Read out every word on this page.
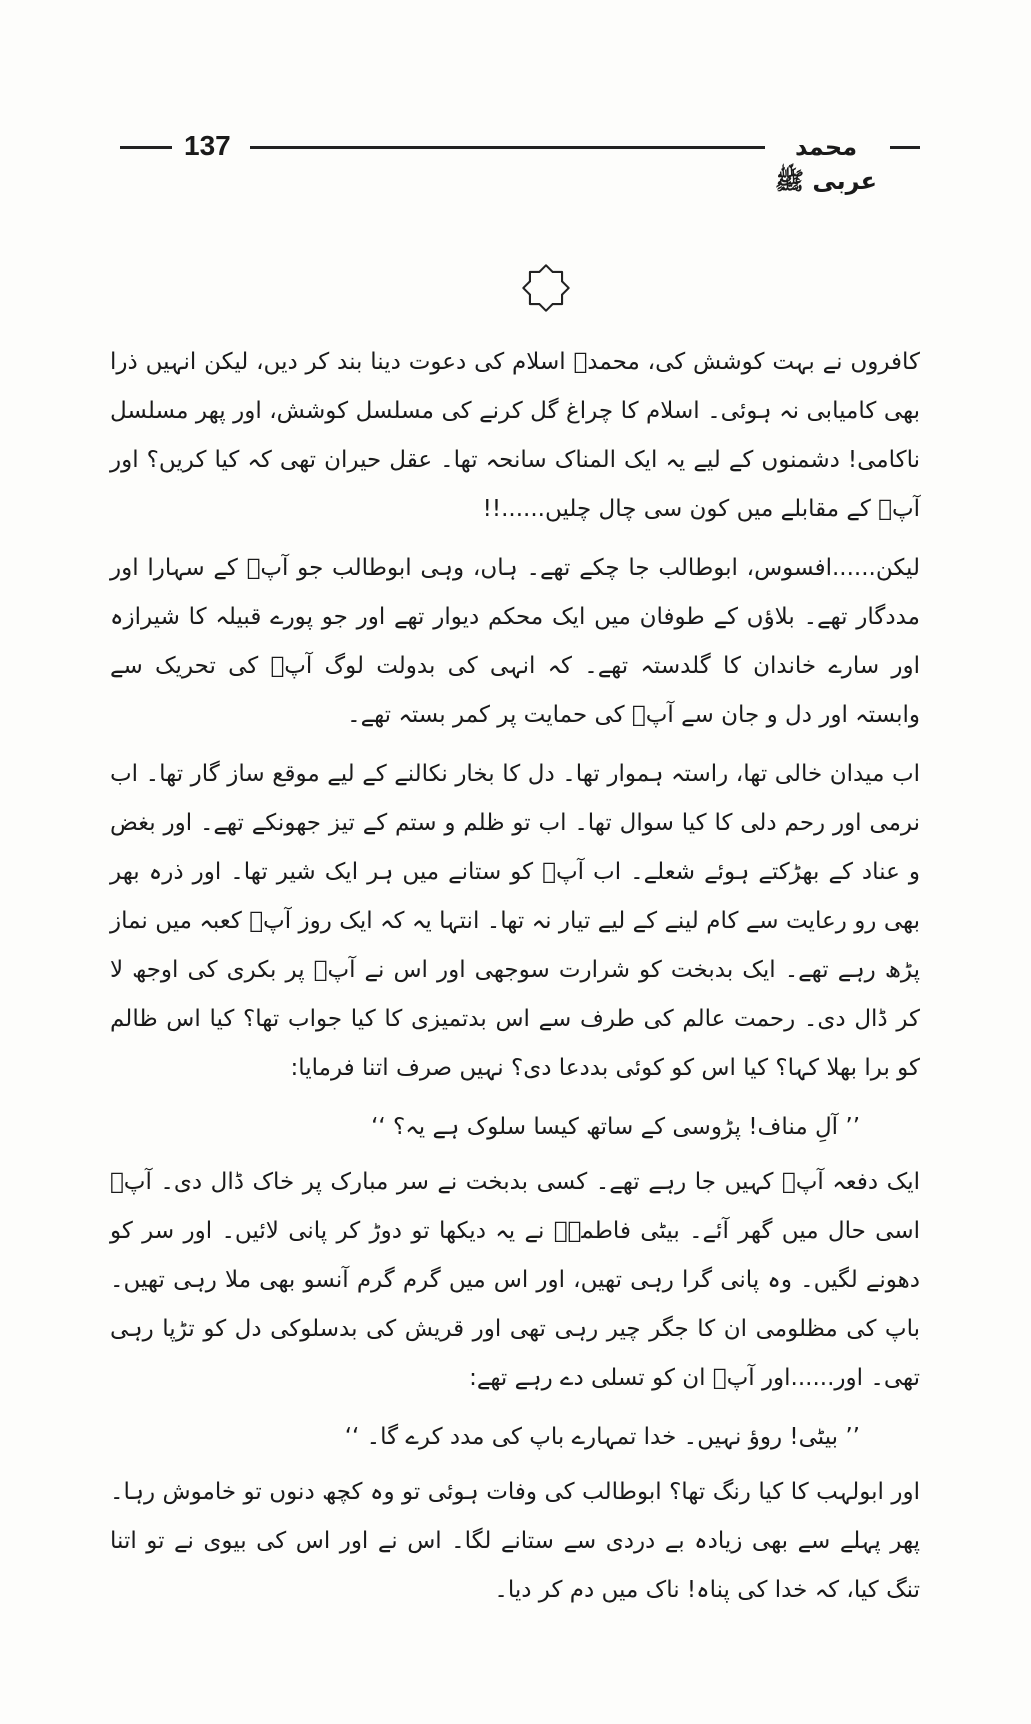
137	محمد عربی ﷺ

کافروں نے بہت کوشش کی، محمدؐ اسلام کی دعوت دینا بند کر دیں، لیکن انہیں ذرا بھی کامیابی نہ ہوئی۔ اسلام کا چراغ گل کرنے کی مسلسل کوشش، اور پھر مسلسل ناکامی! دشمنوں کے لیے یہ ایک المناک سانحہ تھا۔ عقل حیران تھی کہ کیا کریں؟ اور آپؐ کے مقابلے میں کون سی چال چلیں......!!

لیکن......افسوس، ابوطالب جا چکے تھے۔ ہاں، وہی ابوطالب جو آپؐ کے سہارا اور مددگار تھے۔ بلاؤں کے طوفان میں ایک محکم دیوار تھے اور جو پورے قبیلہ کا شیرازہ اور سارے خاندان کا گلدستہ تھے۔ کہ انہی کی بدولت لوگ آپؐ کی تحریک سے وابستہ اور دل و جان سے آپؐ کی حمایت پر کمر بستہ تھے۔

اب میدان خالی تھا، راستہ ہموار تھا۔ دل کا بخار نکالنے کے لیے موقع ساز گار تھا۔ اب نرمی اور رحم دلی کا کیا سوال تھا۔ اب تو ظلم و ستم کے تیز جھونکے تھے۔ اور بغض و عناد کے بھڑکتے ہوئے شعلے۔ اب آپؐ کو ستانے میں ہر ایک شیر تھا۔ اور ذرہ بھر بھی رو رعایت سے کام لینے کے لیے تیار نہ تھا۔ انتہا یہ کہ ایک روز آپؐ کعبہ میں نماز پڑھ رہے تھے۔ ایک بدبخت کو شرارت سوجھی اور اس نے آپؐ پر بکری کی اوجھ لا کر ڈال دی۔ رحمت عالم کی طرف سے اس بدتمیزی کا کیا جواب تھا؟ کیا اس ظالم کو برا بھلا کہا؟ کیا اس کو کوئی بددعا دی؟ نہیں صرف اتنا فرمایا:

’’ آلِ مناف! پڑوسی کے ساتھ کیسا سلوک ہے یہ؟ ‘‘

ایک دفعہ آپؐ کہیں جا رہے تھے۔ کسی بدبخت نے سر مبارک پر خاک ڈال دی۔ آپؐ اسی حال میں گھر آئے۔ بیٹی فاطمہؓ نے یہ دیکھا تو دوڑ کر پانی لائیں۔ اور سر کو دھونے لگیں۔ وہ پانی گرا رہی تھیں، اور اس میں گرم گرم آنسو بھی ملا رہی تھیں۔ باپ کی مظلومی ان کا جگر چیر رہی تھی اور قریش کی بدسلوکی دل کو تڑپا رہی تھی۔ اور......اور آپؐ ان کو تسلی دے رہے تھے:

’’ بیٹی! روؤ نہیں۔ خدا تمہارے باپ کی مدد کرے گا۔ ‘‘

اور ابولہب کا کیا رنگ تھا؟ ابوطالب کی وفات ہوئی تو وہ کچھ دنوں تو خاموش رہا۔ پھر پہلے سے بھی زیادہ بے دردی سے ستانے لگا۔ اس نے اور اس کی بیوی نے تو اتنا تنگ کیا، کہ خدا کی پناہ! ناک میں دم کر دیا۔
